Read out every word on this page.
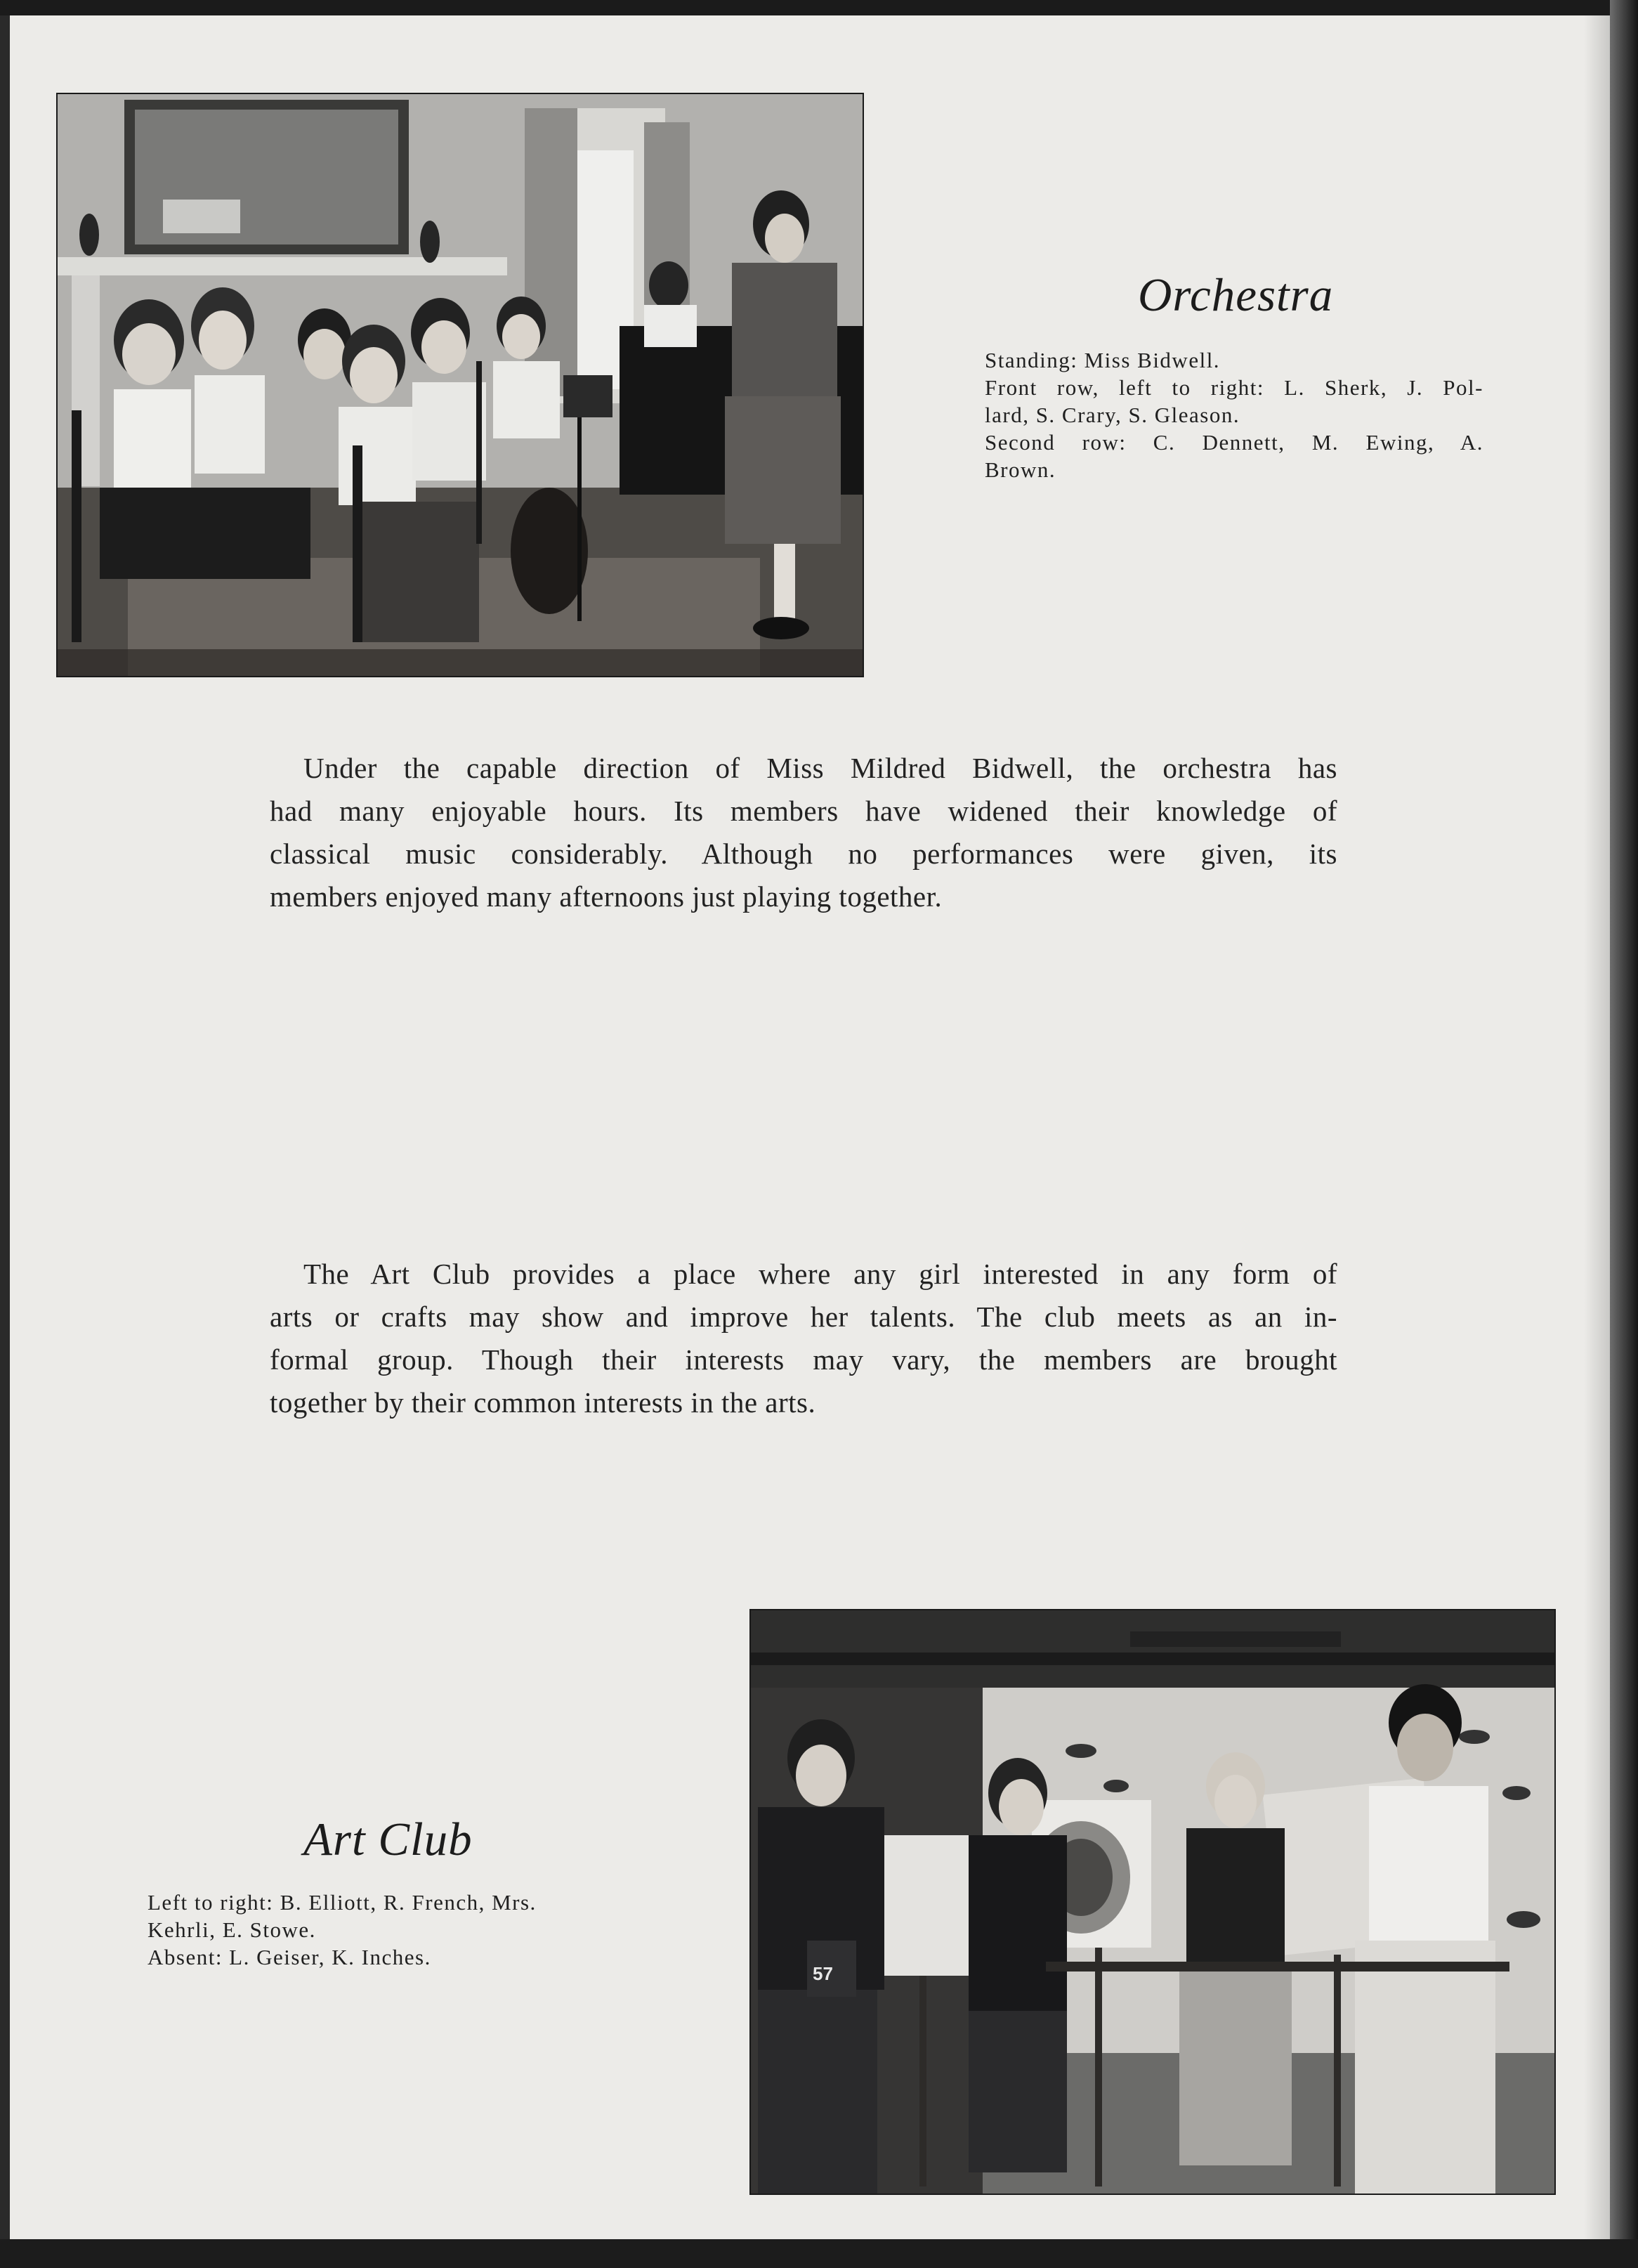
Orchestra
Standing: Miss Bidwell.
Front row, left to right: L. Sherk, J. Pol-
lard, S. Crary, S. Gleason.
Second row: C. Dennett, M. Ewing, A.
Brown.
Under the capable direction of Miss Mildred Bidwell, the orchestra has
had many enjoyable hours. Its members have widened their knowledge of
classical music considerably. Although no performances were given, its
members enjoyed many afternoons just playing together.
The Art Club provides a place where any girl interested in any form of
arts or crafts may show and improve her talents. The club meets as an in-
formal group. Though their interests may vary, the members are brought
together by their common interests in the arts.
Art Club
Left to right: B. Elliott, R. French, Mrs.
Kehrli, E. Stowe.
Absent: L. Geiser, K. Inches.
57
